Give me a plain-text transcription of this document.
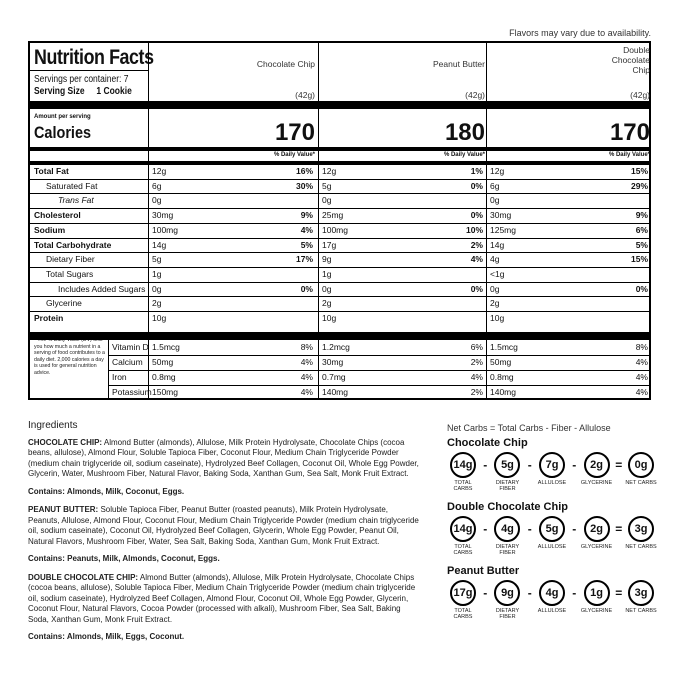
Flavors may vary due to availability.
Nutrition Facts
Servings per container: 7
Serving Size 1 Cookie
Amount per serving
Calories
* The % Daily Value (DV) tells you how much a nutrient in a serving of food contributes to a daily diet. 2,000 calories a day is used for general nutrition advice.
Chocolate Chip
(42g)
170
% Daily Value*
Peanut Butter
(42g)
180
% Daily Value*
Double Chocolate Chip
(42g)
170
% Daily Value*
Total Fat	12g	16% 12g	1% 12g	15%
Saturated Fat	6g	30% 5g	0% 6g	29%
Trans Fat	0g	0g	0g
Cholesterol	30mg	9% 25mg	0% 30mg	9%
Sodium	100mg	4% 100mg	10% 125mg	6%
Total Carbohydrate	14g	5% 17g	2% 14g	5%
Dietary Fiber	5g	17% 9g	4% 4g	15%
Total Sugars	1g	1g	<1g
Includes Added Sugars 0g	0% 0g	0% 0g	0%
Glycerine	2g	2g	2g
Protein	10g	10g	10g
Vitamin D 1.5mcg	8% 1.2mcg	6% 1.5mcg	8%
Calcium 50mg	4% 30mg	2% 50mg	4%
Iron	0.8mg	4% 0.7mg	4% 0.8mg	4%
Potassium 150mg	4% 140mg	2% 140mg	4%
Ingredients

CHOCOLATE CHIP: Almond Butter (almonds), Allulose, Milk Protein Hydrolysate, Chocolate Chips (cocoa beans, allulose), Almond Flour, Soluble Tapioca Fiber, Coconut Flour, Medium Chain Triglyceride Powder (medium chain triglyceride oil, sodium caseinate), Hydrolyzed Beef Collagen, Coconut Oil, Whole Egg Powder, Glycerin, Water, Mushroom Fiber, Natural Flavor, Baking Soda, Xanthan Gum, Sea Salt, Monk Fruit Extract.

Contains: Almonds, Milk, Coconut, Eggs.

PEANUT BUTTER: Soluble Tapioca Fiber, Peanut Butter (roasted peanuts), Milk Protein Hydrolysate, Peanuts, Allulose, Almond Flour, Coconut Flour, Medium Chain Triglyceride Powder (medium chain triglyceride oil, sodium caseinate), Coconut Oil, Hydrolyzed Beef Collagen, Glycerin, Whole Egg Powder, Peanut Oil, Natural Flavors, Mushroom Fiber, Water, Sea Salt, Baking Soda, Xanthan Gum, Monk Fruit Extract.

Contains: Peanuts, Milk, Almonds, Coconut, Eggs.

DOUBLE CHOCOLATE CHIP: Almond Butter (almonds), Allulose, Milk Protein Hydrolysate, Chocolate Chips (cocoa beans, allulose), Soluble Tapioca Fiber, Medium Chain Triglyceride Powder (medium chain triglyceride oil, sodium caseinate), Hydrolyzed Beef Collagen, Almond Flour, Coconut Oil, Whole Egg Powder, Glycerin, Coconut Flour, Natural Flavors, Cocoa Powder (processed with alkali), Mushroom Fiber, Sea Salt, Baking Soda, Xanthan Gum, Monk Fruit Extract.

Contains: Almonds, Milk, Eggs, Coconut.

Net Carbs = Total Carbs - Fiber - Allulose
Chocolate Chip
14g
TOTAL CARBS
-	5g
DIETARY FIBER
-	7g
ALLULOSE
-	2g
GLYCERINE
=	0g
NET CARBS
Double Chocolate Chip
14g
TOTAL CARBS
-	4g
DIETARY FIBER
-	5g
ALLULOSE
-	2g
GLYCERINE
=	3g
NET CARBS
Peanut Butter
17g
TOTAL CARBS
-	9g
DIETARY FIBER
-	4g
ALLULOSE
-	1g
GLYCERINE
=	3g
NET CARBS
